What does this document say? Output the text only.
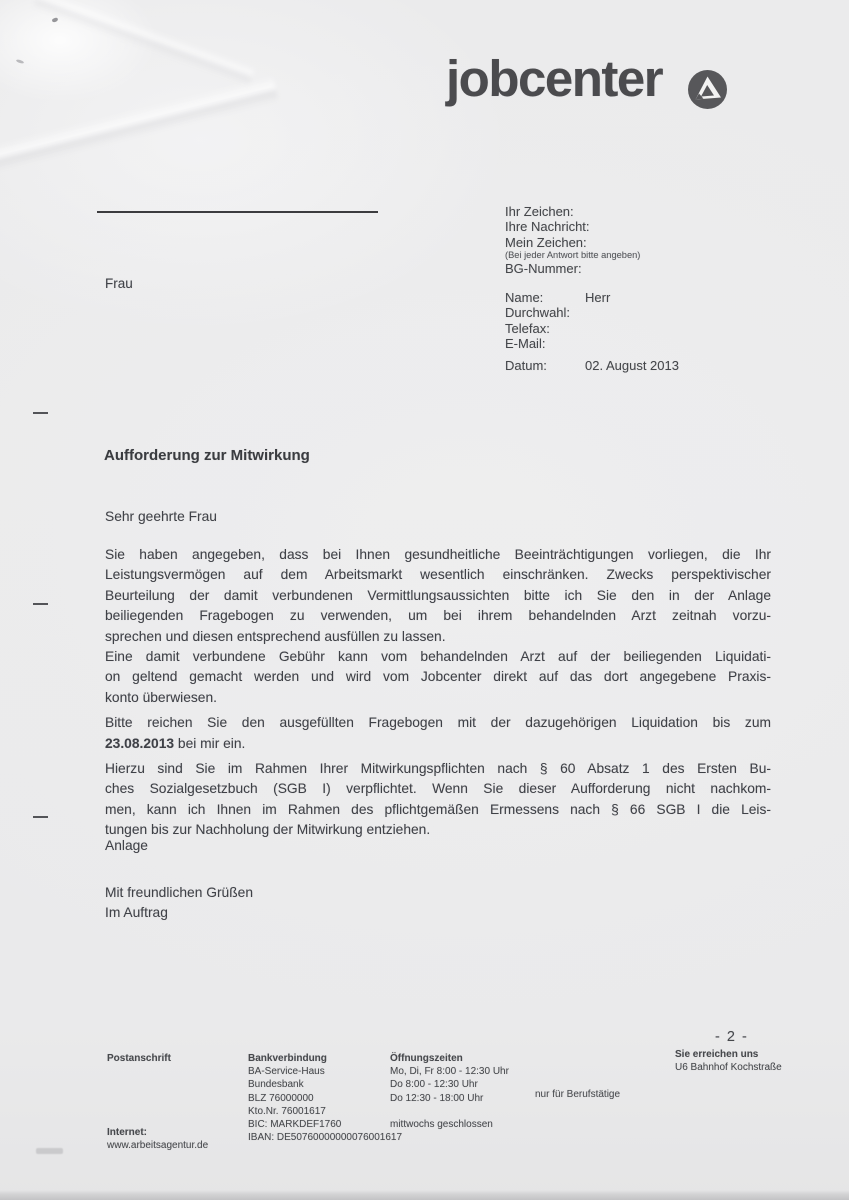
jobcenter
Frau
Ihr Zeichen:
Ihre Nachricht:
Mein Zeichen:
(Bei jeder Antwort bitte angeben)
BG-Nummer:
Name:	Herr
Durchwahl:
Telefax:
E-Mail:
Datum:	02. August 2013
Aufforderung zur Mitwirkung
Sehr geehrte Frau
Sie haben angegeben, dass bei Ihnen gesundheitliche Beeinträchtigungen vorliegen, die Ihr
Leistungsvermögen auf dem Arbeitsmarkt wesentlich einschränken. Zwecks perspektivischer
Beurteilung der damit verbundenen Vermittlungsaussichten bitte ich Sie den in der Anlage
beiliegenden Fragebogen zu verwenden, um bei ihrem behandelnden Arzt zeitnah vorzu-
sprechen und diesen entsprechend ausfüllen zu lassen.
Eine damit verbundene Gebühr kann vom behandelnden Arzt auf der beiliegenden Liquidati-
on geltend gemacht werden und wird vom Jobcenter direkt auf das dort angegebene Praxis-
konto überwiesen.
Bitte reichen Sie den ausgefüllten Fragebogen mit der dazugehörigen Liquidation bis zum
23.08.2013 bei mir ein.
Hierzu sind Sie im Rahmen Ihrer Mitwirkungspflichten nach § 60 Absatz 1 des Ersten Bu-
ches Sozialgesetzbuch (SGB I) verpflichtet. Wenn Sie dieser Aufforderung nicht nachkom-
men, kann ich Ihnen im Rahmen des pflichtgemäßen Ermessens nach § 66 SGB I die Leis-
tungen bis zur Nachholung der Mitwirkung entziehen.
Anlage
Mit freundlichen Grüßen
Im Auftrag
- 2 -
Postanschrift
Internet:
www.arbeitsagentur.de
Bankverbindung
BA-Service-Haus
Bundesbank
BLZ 76000000
Kto.Nr. 76001617
BIC: MARKDEF1760
IBAN: DE50760000000076001617
Öffnungszeiten
Mo, Di, Fr 8:00 - 12:30 Uhr
Do 8:00 - 12:30 Uhr
Do 12:30 - 18:00 Uhr
mittwochs geschlossen
nur für Berufstätige
Sie erreichen uns
U6 Bahnhof Kochstraße
